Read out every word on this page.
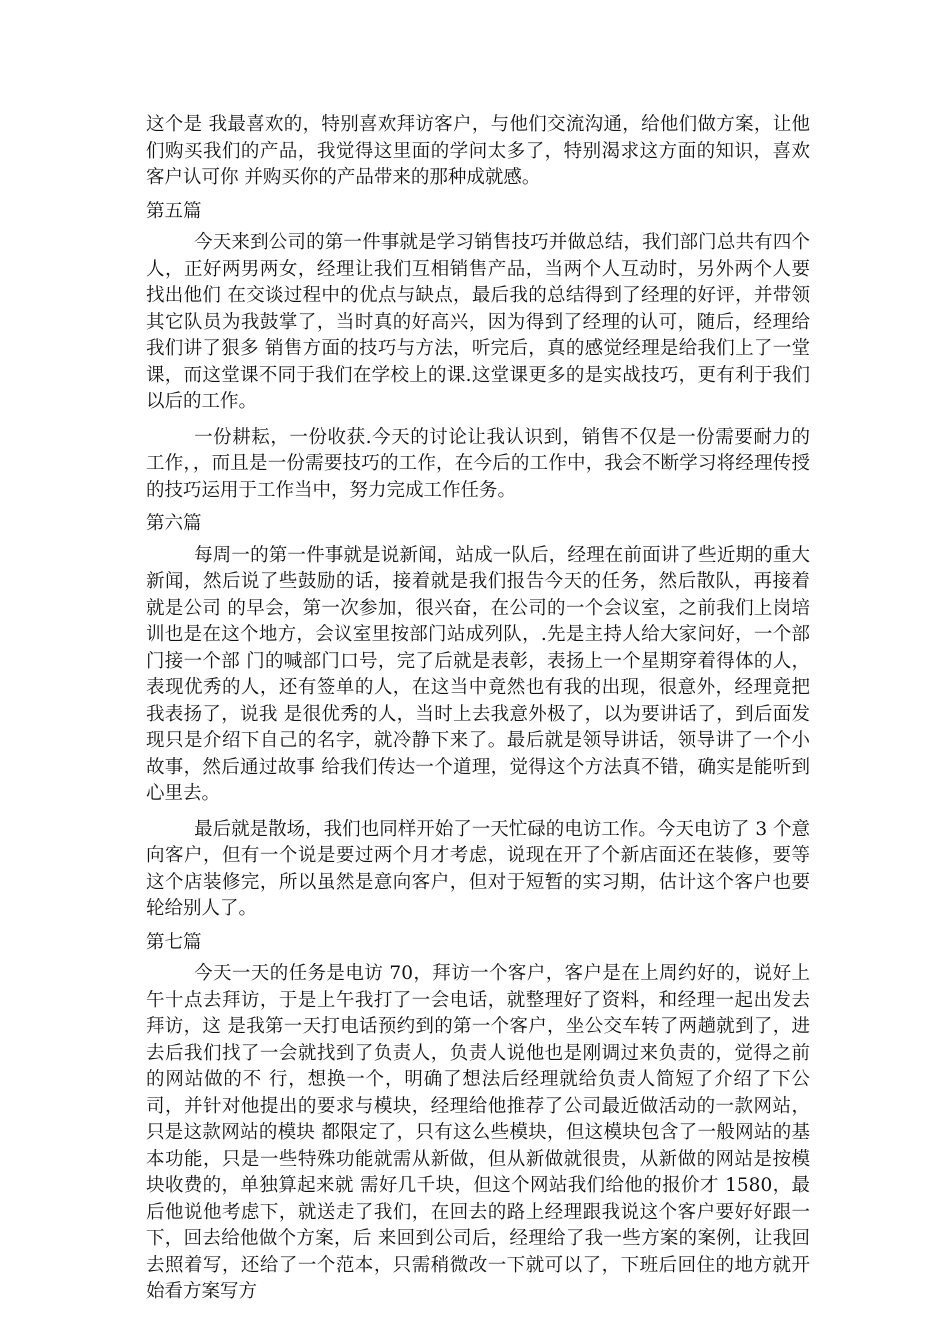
这个是 我最喜欢的，特别喜欢拜访客户，与他们交流沟通，给他们做方案，让他们购买我们的产品，我觉得这里面的学问太多了，特别渴求这方面的知识，喜欢客户认可你 并购买你的产品带来的那种成就感。

第五篇

今天来到公司的第一件事就是学习销售技巧并做总结，我们部门总共有四个人，正好两男两女，经理让我们互相销售产品，当两个人互动时，另外两个人要找出他们 在交谈过程中的优点与缺点，最后我的总结得到了经理的好评，并带领其它队员为我鼓掌了，当时真的好高兴，因为得到了经理的认可，随后，经理给我们讲了狠多 销售方面的技巧与方法，听完后，真的感觉经理是给我们上了一堂课，而这堂课不同于我们在学校上的课.这堂课更多的是实战技巧，更有利于我们以后的工作。

一份耕耘，一份收获.今天的讨论让我认识到，销售不仅是一份需要耐力的工作，，而且是一份需要技巧的工作，在今后的工作中，我会不断学习将经理传授的技巧运用于工作当中，努力完成工作任务。

第六篇

每周一的第一件事就是说新闻，站成一队后，经理在前面讲了些近期的重大新闻，然后说了些鼓励的话，接着就是我们报告今天的任务，然后散队，再接着就是公司 的早会，第一次参加，很兴奋，在公司的一个会议室，之前我们上岗培训也是在这个地方，会议室里按部门站成列队，.先是主持人给大家问好，一个部门接一个部 门的喊部门口号，完了后就是表彰，表扬上一个星期穿着得体的人，表现优秀的人，还有签单的人，在这当中竟然也有我的出现，很意外，经理竟把我表扬了，说我 是很优秀的人，当时上去我意外极了，以为要讲话了，到后面发现只是介绍下自己的名字，就冷静下来了。最后就是领导讲话，领导讲了一个小故事，然后通过故事 给我们传达一个道理，觉得这个方法真不错，确实是能听到心里去。

最后就是散场，我们也同样开始了一天忙碌的电访工作。今天电访了 3 个意向客户，但有一个说是要过两个月才考虑，说现在开了个新店面还在装修，要等这个店装修完，所以虽然是意向客户，但对于短暂的实习期，估计这个客户也要轮给别人了。

第七篇

今天一天的任务是电访 70，拜访一个客户，客户是在上周约好的，说好上午十点去拜访，于是上午我打了一会电话，就整理好了资料，和经理一起出发去拜访，这 是我第一天打电话预约到的第一个客户，坐公交车转了两趟就到了，进去后我们找了一会就找到了负责人，负责人说他也是刚调过来负责的，觉得之前的网站做的不 行，想换一个，明确了想法后经理就给负责人简短了介绍了下公司，并针对他提出的要求与模块，经理给他推荐了公司最近做活动的一款网站，只是这款网站的模块 都限定了，只有这么些模块，但这模块包含了一般网站的基本功能，只是一些特殊功能就需从新做，但从新做就很贵，从新做的网站是按模块收费的，单独算起来就 需好几千块，但这个网站我们给他的报价才 1580，最后他说他考虑下，就送走了我们，在回去的路上经理跟我说这个客户要好好跟一下，回去给他做个方案，后 来回到公司后，经理给了我一些方案的案例，让我回去照着写，还给了一个范本，只需稍微改一下就可以了，下班后回住的地方就开始看方案写方
